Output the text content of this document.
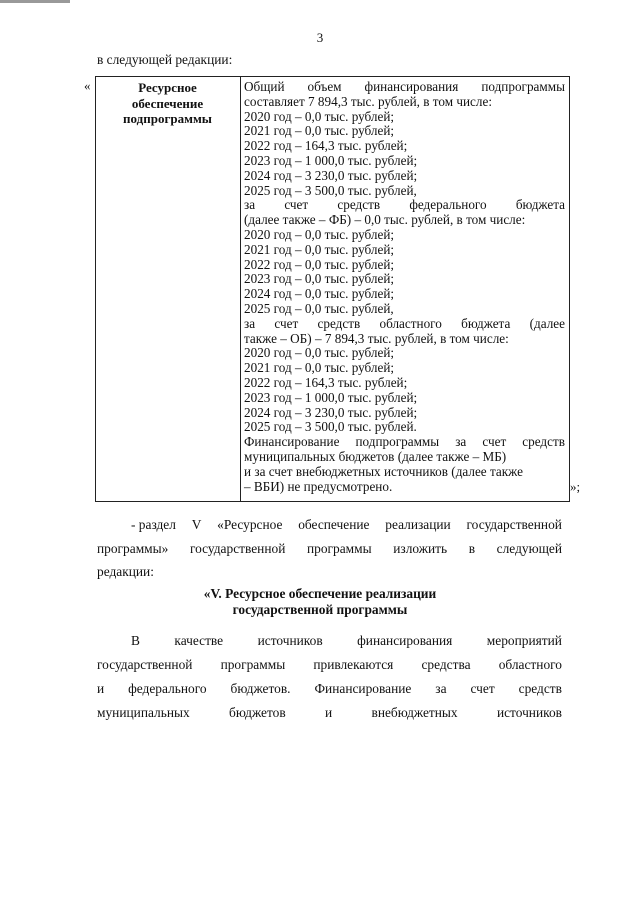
3
в следующей редакции:
«	Ресурсное
обеспечение
подпрограммы

Общий объем финансирования подпрограммы
составляет 7 894,3 тыс. рублей, в том числе:
2020 год – 0,0 тыс. рублей;
2021 год – 0,0 тыс. рублей;
2022 год – 164,3 тыс. рублей;
2023 год – 1 000,0 тыс. рублей;
2024 год – 3 230,0 тыс. рублей;
2025 год – 3 500,0 тыс. рублей,
за счет средств федерального бюджета
(далее также – ФБ) – 0,0 тыс. рублей, в том числе:
2020 год – 0,0 тыс. рублей;
2021 год – 0,0 тыс. рублей;
2022 год – 0,0 тыс. рублей;
2023 год – 0,0 тыс. рублей;
2024 год – 0,0 тыс. рублей;
2025 год – 0,0 тыс. рублей,
за счет средств областного бюджета (далее
также – ОБ) – 7 894,3 тыс. рублей, в том числе:
2020 год – 0,0 тыс. рублей;
2021 год – 0,0 тыс. рублей;
2022 год – 164,3 тыс. рублей;
2023 год – 1 000,0 тыс. рублей;
2024 год – 3 230,0 тыс. рублей;
2025 год – 3 500,0 тыс. рублей.
Финансирование подпрограммы за счет средств
муниципальных бюджетов (далее также – МБ)
и за счет внебюджетных источников (далее также
– ВБИ) не предусмотрено.	»;
- раздел V «Ресурсное обеспечение реализации государственной
программы» государственной программы изложить в следующей
редакции:
«V. Ресурсное обеспечение реализации
государственной программы
В	качестве	источников	финансирования	мероприятий
государственной программы привлекаются средства областного
и федерального бюджетов. Финансирование за счет средств
муниципальных	бюджетов	и	внебюджетных	источников
